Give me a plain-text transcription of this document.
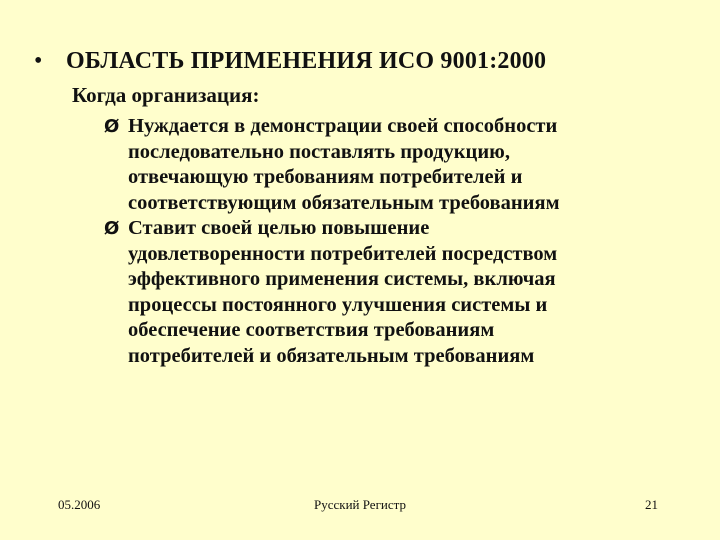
• ОБЛАСТЬ ПРИМЕНЕНИЯ ИСО 9001:2000
Когда организация:
Ø Нуждается в демонстрации своей способности
последовательно поставлять продукцию,
отвечающую требованиям потребителей и
соответствующим обязательным требованиям
Ø Ставит своей целью повышение
удовлетворенности потребителей посредством
эффективного применения системы, включая
процессы постоянного улучшения системы и
обеспечение соответствия требованиям
потребителей и обязательным требованиям
05.2006	Русский Регистр	21
